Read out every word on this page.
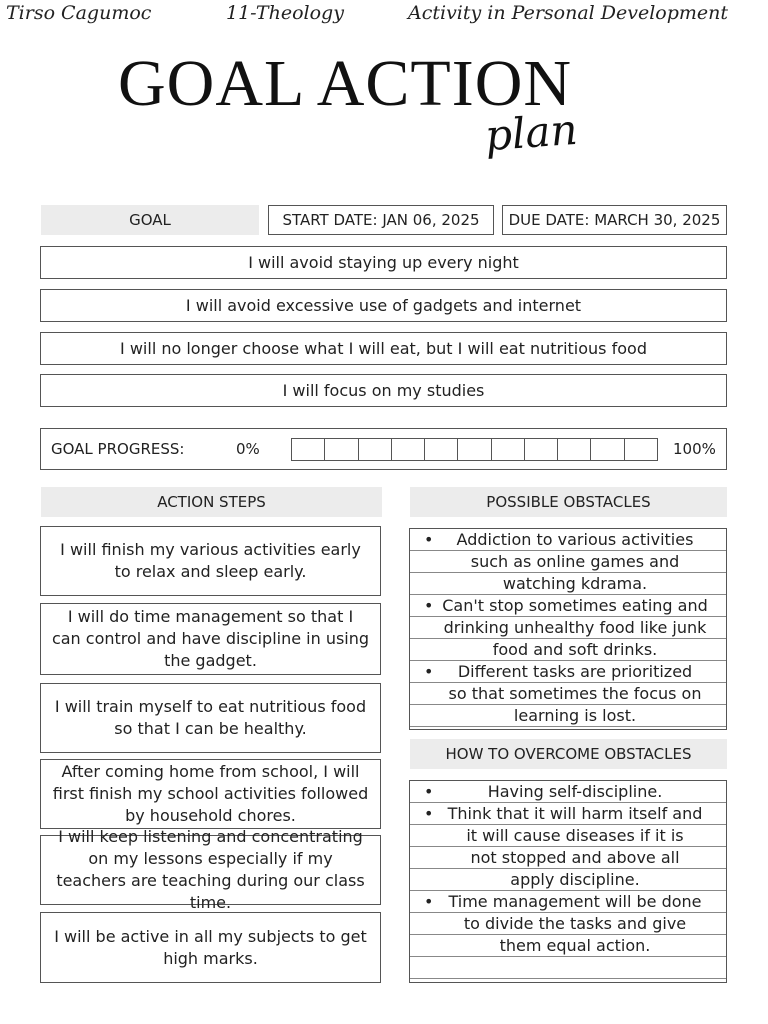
Tirso Cagumoc	11-Theology	Activity in Personal Development
GOAL ACTION
plan
GOAL	START DATE: JAN 06, 2025	DUE DATE: MARCH 30, 2025
I will avoid staying up every night
I will avoid excessive use of gadgets and internet
I will no longer choose what I will eat, but I will eat nutritious food
I will focus on my studies
GOAL PROGRESS:	0%	100%
ACTION STEPS	POSSIBLE OBSTACLES
HOW TO OVERCOME OBSTACLES
I will finish my various activities early to relax and sleep early.
I will do time management so that I can control and have discipline in using the gadget.
I will train myself to eat nutritious food so that I can be healthy.
After coming home from school, I will first finish my school activities followed by household chores.
I will keep listening and concentrating on my lessons especially if my teachers are teaching during our class time.
I will be active in all my subjects to get high marks.
•	Addiction to various activities
such as online games and
watching kdrama.
• Can't stop sometimes eating and
drinking unhealthy food like junk
food and soft drinks.
•	Different tasks are prioritized
so that sometimes the focus on
learning is lost.
•	Having self-discipline.
• Think that it will harm itself and
it will cause diseases if it is
not stopped and above all
apply discipline.
• Time management will be done
to divide the tasks and give
them equal action.
